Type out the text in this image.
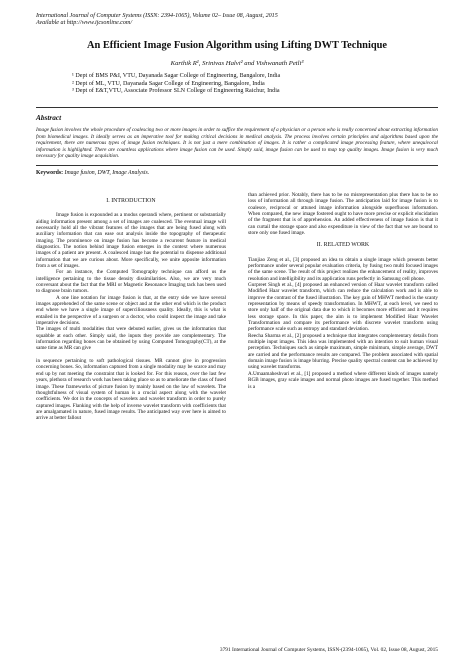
International Journal of Computer Systems (ISSN: 2394-1065), Volume 02– Issue 08, August, 2015
Available at http://www.ijcsonline.com/
An Efficient Image Fusion Algorithm using Lifting DWT Technique
Karthik R¹, Srinivas Halvi² and Vishwanath Petli³
¹ Dept of BMS P&I, VTU, Dayanada Sagar College of Engineering, Bangalore, India
² Dept of ML, VTU, Dayanada Sagar College of Engineering, Bangalore, India
³ Dept of E&T,VTU, Associate Professor SLN College of Engineering Raichur, India
Abstract
Image fusion involves the whole procedure of coalescing two or more images in order to suffice the requirement of a physician or a person who is really concerned about extracting information from biomedical images. It ideally serves as an imperative tool for making critical decisions in medical analysis. The process involves certain principles and algorithms based upon the requirement, there are numerous types of image fusion techniques. It is not just a mere combination of images. It is rather a complicated image processing feature, where unequivocal information is highlighted. There are countless applications where image fusion can be used. Simply said, image fusion can be used to map top quality images. Image fusion is very much necessary for quality image acquisition.
Keywords: Image fusion, DWT, Image Analysis.
I. INTRODUCTION

Image fusion is expounded as a modus operandi where, pertinent or substantially aiding information present among a set of images are coalesced. The eventual image will necessarily hold all the vibrant features of the images that are being fused along with auxiliary information that can ease out analysis inside the topography of therapeutic imaging. The prominence on image fusion has become a recurrent feature in medical diagnostics. The notion behind image fusion emerges in the context where numerous images of a patient are present. A coalesced image has the potential to dispense additional information that we are curious about. More specifically, we unite apposite information from a set of images.

For an instance, the Computed Tomography technique can afford us the intelligence pertaining to the tissue density dissimilarities. Also, we are very much conversant about the fact that the MRI or Magnetic Resonance Imaging tack has been used to diagnose brain tumors.

A one line notation for image fusion is that, at the entry side we have several images apprehended of the same scene or object and at the other end which is the product end where we have a single image of superciliousness quality. Ideally, this is what is entailed in the perspective of a surgeon or a doctor, who could inspect the image and take imperative decisions.

The images of multi modalities that were debuted earlier, gives us the information that squabble at each other. Simply said, the inputs they provide are complementary. The information regarding bones can be obtained by using Computed Tomography(CT), at the same time as MR can give

in sequence pertaining to soft pathological tissues. MR cannot give in progression concerning bones. So, information captured from a single modality may be scarce and may end up by not meeting the constraint that is looked for. For this reason, over the last few years, plethora of research work has been taking place so as to ameliorate the class of fused image. These frameworks of picture fusion by mainly based on the law of wavelets. The thoughtfulness of visual system of human is a crucial aspect along with the wavelet coefficients. We dot in the concepts of wavelets and wavelet transform in order to purely captured images. Flanking with the help of inverse wavelet transform with coefficients that are amalgamated in nature, fused image results. The anticipated way over here is aimed to arrive at better fallout

than achieved prior. Notably, there has to be no misrepresentation plus there has to be no loss of information all through image fusion. The anticipation laid for image fusion is to coalesce, reciprocal or attuned image information alongside superfluous information. When compared, the new image fostered ought to have more precise or explicit elucidation of the fragment that is of apprehension. An added effectiveness of image fusion is that it can curtail the storage space and also expenditure in view of the fact that we are bound to store only one fused image.

II. RELATED WORK

Tianjiao Zeng et al., [3] proposed an idea to obtain a single image which presents better performance under several popular evaluation criteria, by fusing two multi focused images of the same scene. The result of this project realizes the enhancement of reality, improves resolution and intelligibility and its application runs perfectly in Samsung cell phone.

Gurpreet Singh et al., [4] proposed an enhanced version of Haar wavelet transform called Modified Haar wavelet transform, which can reduce the calculation work and is able to improve the contrast of the fused illustration. The key gain of MHWT method is the scanty representation by means of speedy transformation. In MHWT, at each level, we need to store only half of the original data due to which it becomes more efficient and it requires less storage space. In this paper, the aim is to implement Modified Haar Wavelet Transformation and compare its performance with discrete wavelet transform using performance scale such as entropy and standard deviation.

Reecha Sharma et al., [2] proposed a technique that integrates complementary details from multiple input images. This idea was implemented with an intention to suit human visual perception. Techniques such as simple maximum, simple minimum, simple average, DWT are carried and the performance results are compared. The problem associated with spatial domain image fusion is image blurring. Precise quality spectral content can be achieved by using wavelet transforms.

A.Umaamaheshvari et al., [1] proposed a method where different kinds of images namely RGB images, gray scale images and normal photo images are fused together. This method is a

3791 International Journal of Computer Systems, ISSN-(2394-1065), Vol. 02, Issue 08, August, 2015
